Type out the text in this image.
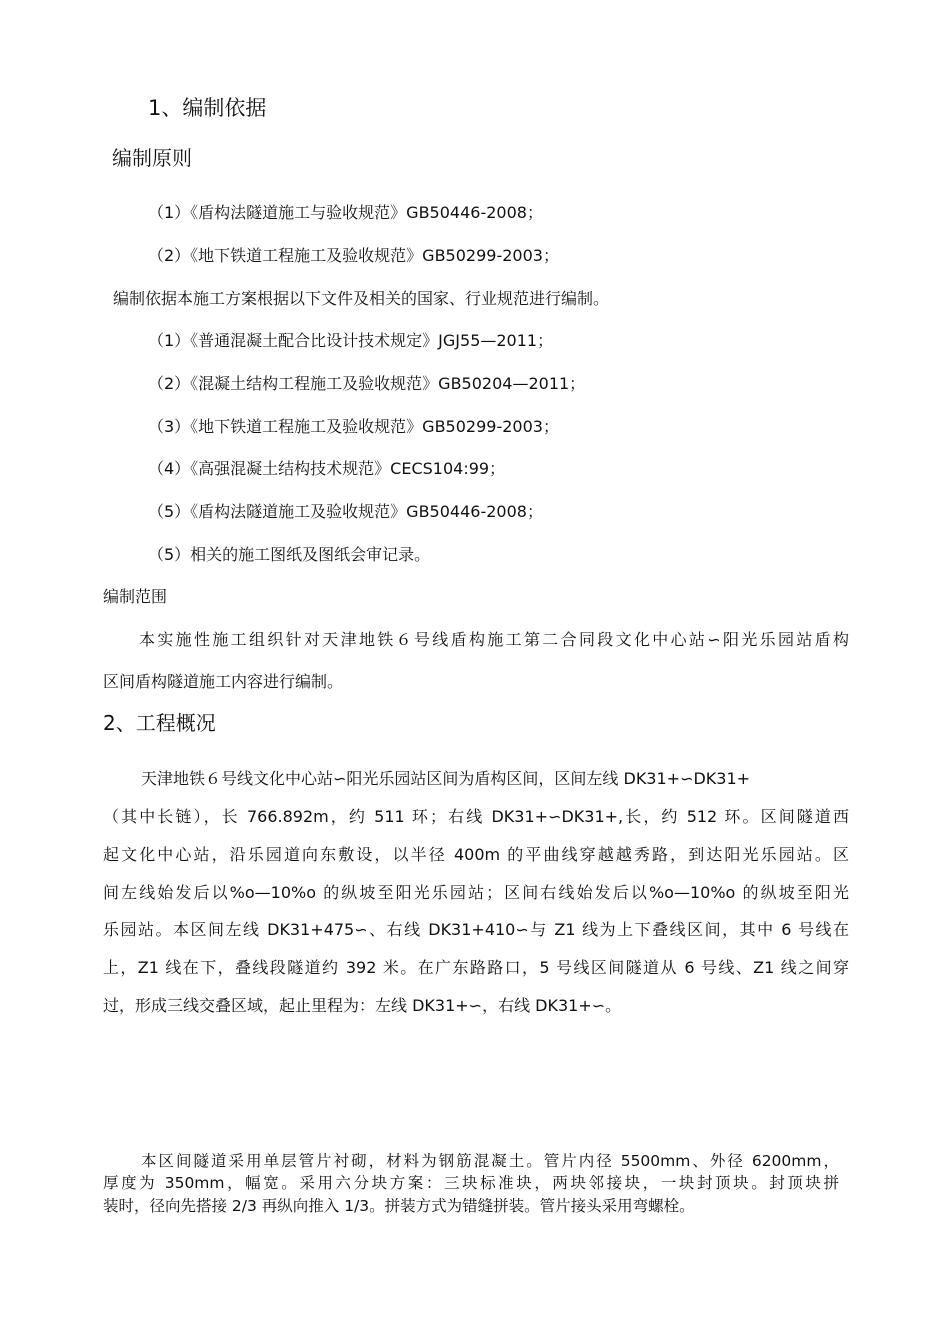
1、编制依据
编制原则
（1）《盾构法隧道施工与验收规范》GB50446-2008；
（2）《地下铁道工程施工及验收规范》GB50299-2003；
编制依据本施工方案根据以下文件及相关的国家、行业规范进行编制。
（1）《普通混凝土配合比设计技术规定》JGJ55—2011；
（2）《混凝土结构工程施工及验收规范》GB50204—2011；
（3）《地下铁道工程施工及验收规范》GB50299-2003；
（4）《高强混凝土结构技术规范》CECS104:99；
（5）《盾构法隧道施工及验收规范》GB50446-2008；
（5）相关的施工图纸及图纸会审记录。
编制范围
本实施性施工组织针对天津地铁６号线盾构施工第二合同段文化中心站∽阳光乐园站盾构
区间盾构隧道施工内容进行编制。
2、工程概况
天津地铁６号线文化中心站∽阳光乐园站区间为盾构区间，区间左线 DK31+∽DK31+
（其中长链），长 766.892m，约 511 环；右线 DK31+∽DK31+,长，约 512 环。区间隧道西
起文化中心站，沿乐园道向东敷设，以半径 400m 的平曲线穿越越秀路，到达阳光乐园站。区
间左线始发后以%o—10%o 的纵坡至阳光乐园站；区间右线始发后以%o—10%o 的纵坡至阳光
乐园站。本区间左线 DK31+475∽、右线 DK31+410∽与 Z1 线为上下叠线区间，其中 6 号线在
上，Z1 线在下，叠线段隧道约 392 米。在广东路路口，5 号线区间隧道从 6 号线、Z1 线之间穿
过，形成三线交叠区域，起止里程为：左线 DK31+∽，右线 DK31+∽。
本区间隧道采用单层管片衬砌，材料为钢筋混凝土。管片内径 5500mm、外径 6200mm，
厚度为 350mm，幅宽。采用六分块方案：三块标准块，两块邻接块，一块封顶块。封顶块拼
装时，径向先搭接 2/3 再纵向推入 1/3。拼装方式为错缝拼装。管片接头采用弯螺栓。
